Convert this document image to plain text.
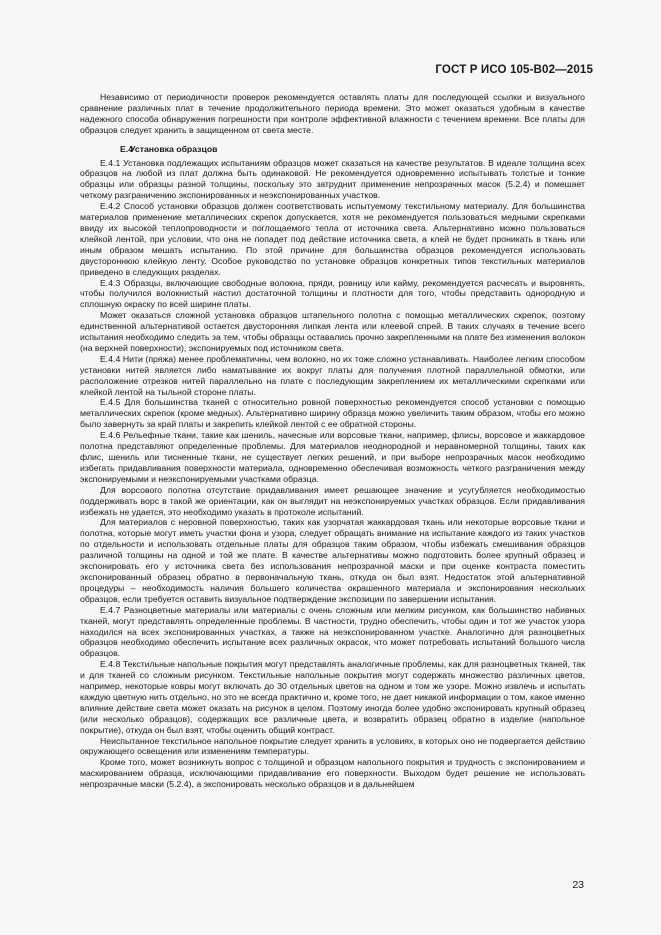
ГОСТ Р ИСО 105-B02—2015

Независимо от периодичности проверок рекомендуется оставлять платы для последующей ссылки и визуального сравнение различных плат в течение продолжительного периода времени. Это может оказаться удобным в качестве надежного способа обнаружения погрешности при контроле эффективной влажности с течением времени. Все платы для образцов следует хранить в защищенном от света месте.

E.4Установка образцов

E.4.1 Установка подлежащих испытаниям образцов может сказаться на качестве результатов. В идеале толщина всех образцов на любой из плат должна быть одинаковой. Не рекомендуется одновременно испытывать толстые и тонкие образцы или образцы разной толщины, поскольку это затруднит применение непрозрачных масок (5.2.4) и помешает четкому разграничению экспонированных и неэкспонированных участков.

E.4.2 Способ установки образцов должен соответствовать испытуемому текстильному материалу. Для большинства материалов применение металлических скрепок допускается, хотя не рекомендуется пользоваться медными скрепками ввиду их высокой теплопроводности и поглощаемого тепла от источника света. Альтернативно можно пользоваться клейкой лентой, при условии, что она не попадет под действие источника света, а клей не будет проникать в ткань или иным образом мешать испытанию. По этой причине для большинства образцов рекомендуется использовать двустороннюю клейкую ленту. Особое руководство по установке образцов конкретных типов текстильных материалов приведено в следующих разделах.

E.4.3 Образцы, включающие свободные волокна, пряди, ровницу или кайму, рекомендуется расчесать и выровнять, чтобы получился волокнистый настил достаточной толщины и плотности для того, чтобы представить однородную и сплошную окраску по всей ширине платы.

Может оказаться сложной установка образцов штапельного полотна с помощью металлических скрепок, поэтому единственной альтернативой остается двусторонняя липкая лента или клеевой спрей. В таких случаях в течение всего испытания необходимо следить за тем, чтобы образцы оставались прочно закрепленными на плате без изменения волокон (на верхней поверхности), экспонируемых под источником света.

E.4.4 Нити (пряжа) менее проблематичны, чем волокно, но их тоже сложно устанавливать. Наиболее легким способом установки нитей является либо наматывание их вокруг платы для получения плотной параллельной обмотки, или расположение отрезков нитей параллельно на плате с последующим закреплением их металлическими скрепками или клейкой лентой на тыльной стороне платы.

E.4.5 Для большинства тканей с относительно ровной поверхностью рекомендуется способ установки с помощью металлических скрепок (кроме медных). Альтернативно ширину образца можно увеличить таким образом, чтобы его можно было завернуть за край платы и закрепить клейкой лентой с ее обратной стороны.

E.4.6 Рельефные ткани, такие как шениль, начесные или ворсовые ткани, например, флисы, ворсовое и жаккардовое полотна представляют определенные проблемы. Для материалов неоднородной и неравномерной толщины, таких как флис, шениль или тисненные ткани, не существует легких решений, и при выборе непрозрачных масок необходимо избегать придавливания поверхности материала, одновременно обеспечивая возможность четкого разграничения между экспонируемыми и неэкспонируемыми участками образца.

Для ворсового полотна отсутствие придавливания имеет решающее значение и усугубляется необходимостью поддерживать ворс в такой же ориентации, как он выглядит на неэкспонируемых участках образцов. Если придавливания избежать не удается, это необходимо указать в протоколе испытаний.

Для материалов с неровной поверхностью, таких как узорчатая жаккардовая ткань или некоторые ворсовые ткани и полотна, которые могут иметь участки фона и узора, следует обращать внимание на испытание каждого из таких участков по отдельности и использовать отдельные платы для образцов таким образом, чтобы избежать смешивания образцов различной толщины на одной и той же плате. В качестве альтернативы можно подготовить более крупный образец и экспонировать его у источника света без использования непрозрачной маски и при оценке контраста поместить экспонированный образец обратно в первоначальную ткань, откуда он был взят. Недостаток этой альтернативной процедуры – необходимость наличия большего количества окрашенного материала и экспонирования нескольких образцов, если требуется оставить визуальное подтверждение экспозиции по завершении испытания.

E.4.7 Разноцветные материалы или материалы с очень сложным или мелким рисунком, как большинство набивных тканей, могут представлять определенные проблемы. В частности, трудно обеспечить, чтобы один и тот же участок узора находился на всех экспонированных участках, а также на неэкспонированном участке. Аналогично для разноцветных образцов необходимо обеспечить испытание всех различных окрасок, что может потребовать испытаний большого числа образцов.

E.4.8 Текстильные напольные покрытия могут представлять аналогичные проблемы, как для разноцветных тканей, так и для тканей со сложным рисунком. Текстильные напольные покрытия могут содержать множество различных цветов, например, некоторые ковры могут включать до 30 отдельных цветов на одном и том же узоре. Можно извлечь и испытать каждую цветную нить отдельно, но это не всегда практично и, кроме того, не дает никакой информации о том, какое именно влияние действие света может оказать на рисунок в целом. Поэтому иногда более удобно экспонировать крупный образец (или несколько образцов), содержащих все различные цвета, и возвратить образец обратно в изделие (напольное покрытие), откуда он был взят, чтобы оценить общий контраст.

Неиспытанное текстильное напольное покрытие следует хранить в условиях, в которых оно не подвергается действию окружающего освещения или изменениям температуры.

Кроме того, может возникнуть вопрос с толщиной и образцом напольного покрытия и трудность с экспонированием и маскированием образца, исключающими придавливание его поверхности. Выходом будет решение не использовать непрозрачные маски (5.2.4), а экспонировать несколько образцов и в дальнейшем

23
